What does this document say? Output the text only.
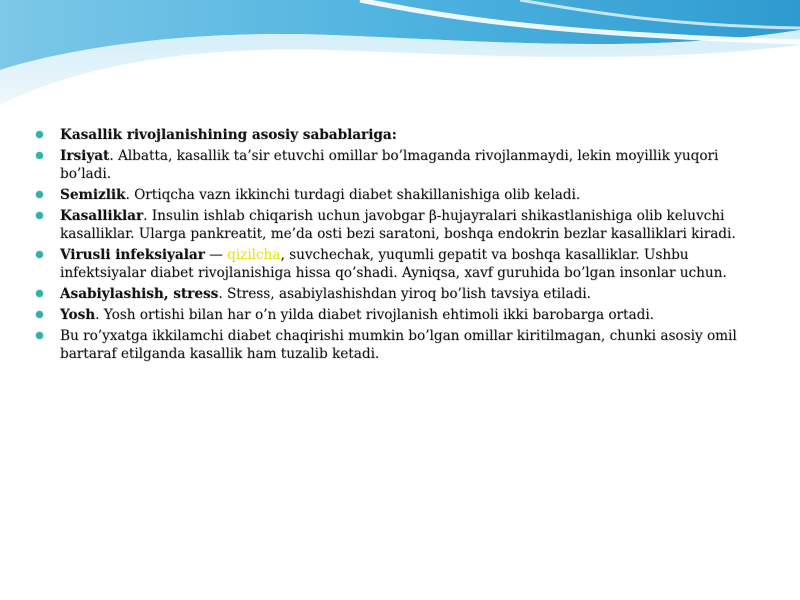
Kasallik rivojlanishining asosiy sabablariga:
Irsiyat. Albatta, kasallik ta’sir etuvchi omillar bo’lmaganda rivojlanmaydi, lekin moyillik yuqori bo’ladi.
Semizlik. Ortiqcha vazn ikkinchi turdagi diabet shakillanishiga olib keladi.
Kasalliklar. Insulin ishlab chiqarish uchun javobgar β-hujayralari shikastlanishiga olib keluvchi kasalliklar. Ularga pankreatit, me’da osti bezi saratoni, boshqa endokrin bezlar kasalliklari kiradi.
Virusli infeksiyalar — qizilcha, suvchechak, yuqumli gepatit va boshqa kasalliklar. Ushbu infektsiyalar diabet rivojlanishiga hissa qo’shadi. Ayniqsa, xavf guruhida bo’lgan insonlar uchun.
Asabiylashish, stress. Stress, asabiylashishdan yiroq bo’lish tavsiya etiladi.
Yosh. Yosh ortishi bilan har o’n yilda diabet rivojlanish ehtimoli ikki barobarga ortadi.
Bu ro’yxatga ikkilamchi diabet chaqirishi mumkin bo’lgan omillar kiritilmagan, chunki asosiy omil bartaraf etilganda kasallik ham tuzalib ketadi.
